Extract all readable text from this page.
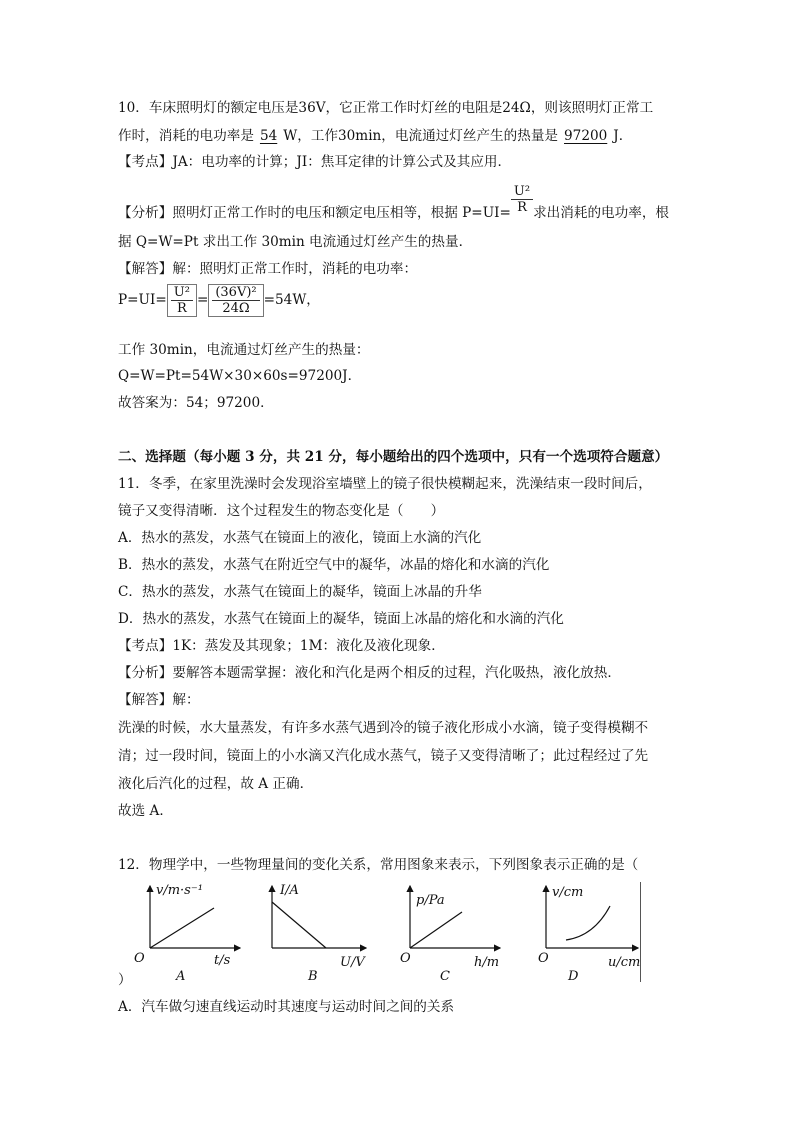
10．车床照明灯的额定电压是36V，它正常工作时灯丝的电阻是24Ω，则该照明灯正常工
作时，消耗的电功率是 54 W，工作30min，电流通过灯丝产生的热量是 97200 J．
【考点】JA：电功率的计算；JI：焦耳定律的计算公式及其应用．
【分析】照明灯正常工作时的电压和额定电压相等，根据 $P=UI= \frac{\text{U²}}{R}$ 求出消耗的电功率，根
据 Q=W=Pt 求出工作 30min 电流通过灯丝产生的热量．
【解答】解：照明灯正常工作时，消耗的电功率：
$P=UI= \frac{\text{U²}}{R} = \frac{\text{(36V)²}}{24\Omega} =54W$，
工作 30min，电流通过灯丝产生的热量：
Q=W=Pt=54W×30×60s=97200J．
故答案为：54；97200．
二、选择题（每小题 3 分，共 21 分，每小题给出的四个选项中，只有一个选项符合题意）
11．冬季，在家里洗澡时会发现浴室墙壁上的镜子很快模糊起来，洗澡结束一段时间后，
镜子又变得清晰．这个过程发生的物态变化是（　　）
A．热水的蒸发，水蒸气在镜面上的液化，镜面上水滴的汽化
B．热水的蒸发，水蒸气在附近空气中的凝华，冰晶的熔化和水滴的汽化
C．热水的蒸发，水蒸气在镜面上的凝华，镜面上冰晶的升华
D．热水的蒸发，水蒸气在镜面上的凝华，镜面上冰晶的熔化和水滴的汽化
【考点】1K：蒸发及其现象；1M：液化及液化现象．
【分析】要解答本题需掌握：液化和汽化是两个相反的过程，汽化吸热，液化放热．
【解答】解：
洗澡的时候，水大量蒸发，有许多水蒸气遇到冷的镜子液化形成小水滴，镜子变得模糊不
清；过一段时间，镜面上的小水滴又汽化成水蒸气，镜子又变得清晰了；此过程经过了先
液化后汽化的过程，故 A 正确．
故选 A．
12．物理学中，一些物理量间的变化关系，常用图象来表示，下列图象表示正确的是（
v/m·s⁻¹
O	t/s
A
I/A
U/V
B
p/Pa
O	h/m
C
v/cm
O	u/cm
D
）
A．汽车做匀速直线运动时其速度与运动时间之间的关系
